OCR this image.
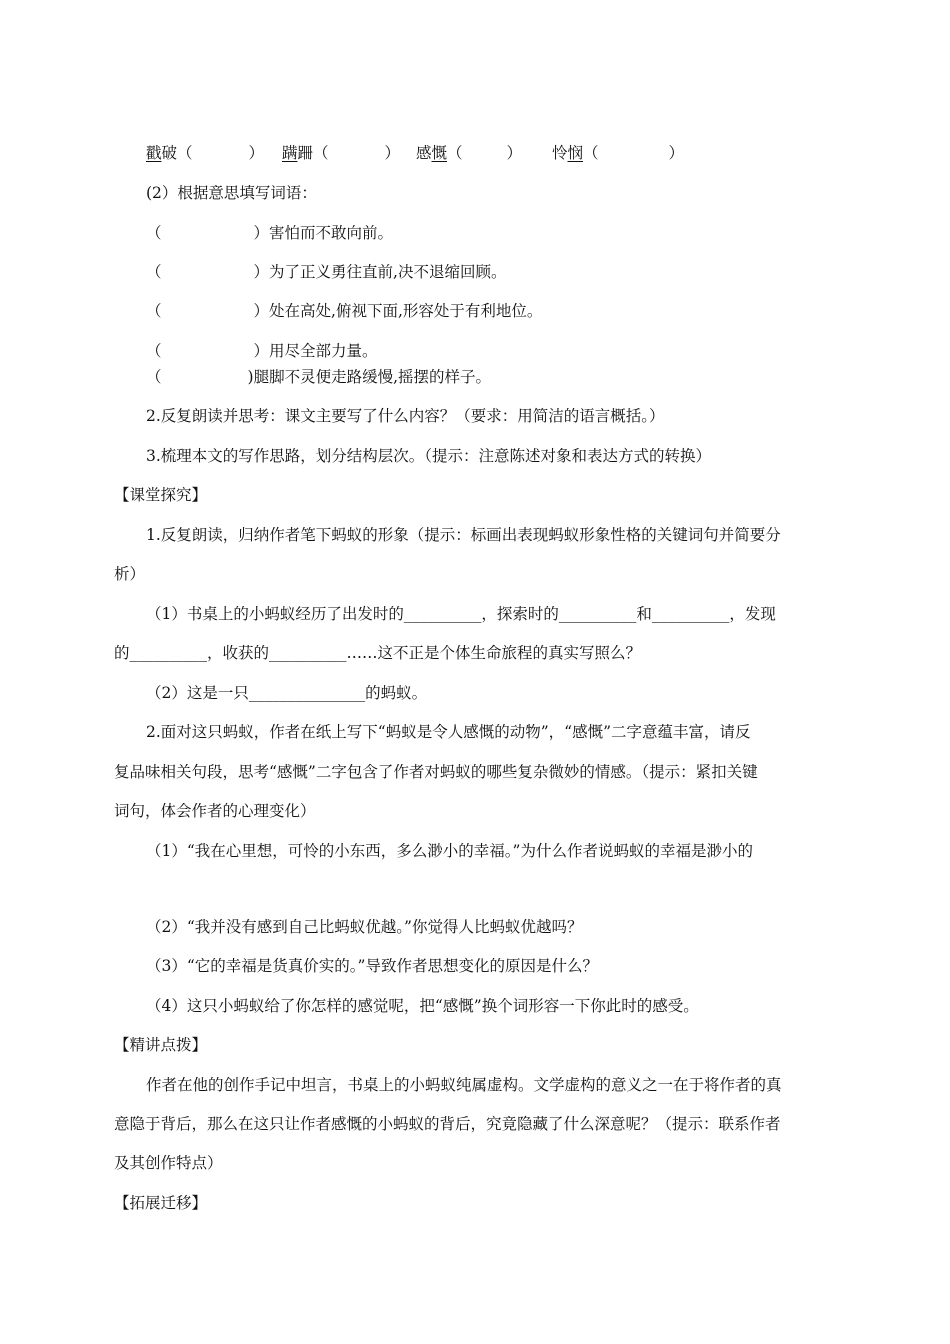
戳破（	） 蹒跚（	） 感慨（	） 怜悯（	）
(2）根据意思填写词语：
（	）害怕而不敢向前。
（	）为了正义勇往直前,决不退缩回顾。
（	）处在高处,俯视下面,形容处于有利地位。
（	）用尽全部力量。
（	)腿脚不灵便走路缓慢,摇摆的样子。
2.反复朗读并思考：课文主要写了什么内容？（要求：用简洁的语言概括。）
3.梳理本文的写作思路，划分结构层次。（提示：注意陈述对象和表达方式的转换）
【课堂探究】
1.反复朗读，归纳作者笔下蚂蚁的形象（提示：标画出表现蚂蚁形象性格的关键词句并简要分
析）
（1）书桌上的小蚂蚁经历了出发时的__________，探索时的__________和__________，发现
的__________，收获的__________……这不正是个体生命旅程的真实写照么？
（2）这是一只_______________的蚂蚁。
2.面对这只蚂蚁，作者在纸上写下“蚂蚁是令人感慨的动物”，“感慨”二字意蕴丰富，请反
复品味相关句段，思考“感慨”二字包含了作者对蚂蚁的哪些复杂微妙的情感。（提示：紧扣关键
词句，体会作者的心理变化）
（1）“我在心里想，可怜的小东西，多么渺小的幸福。”为什么作者说蚂蚁的幸福是渺小的
（2）“我并没有感到自己比蚂蚁优越。”你觉得人比蚂蚁优越吗？
（3）“它的幸福是货真价实的。”导致作者思想变化的原因是什么？
（4）这只小蚂蚁给了你怎样的感觉呢，把“感慨”换个词形容一下你此时的感受。
【精讲点拨】
作者在他的创作手记中坦言，书桌上的小蚂蚁纯属虚构。文学虚构的意义之一在于将作者的真
意隐于背后，那么在这只让作者感慨的小蚂蚁的背后，究竟隐藏了什么深意呢？（提示：联系作者
及其创作特点）
【拓展迁移】
